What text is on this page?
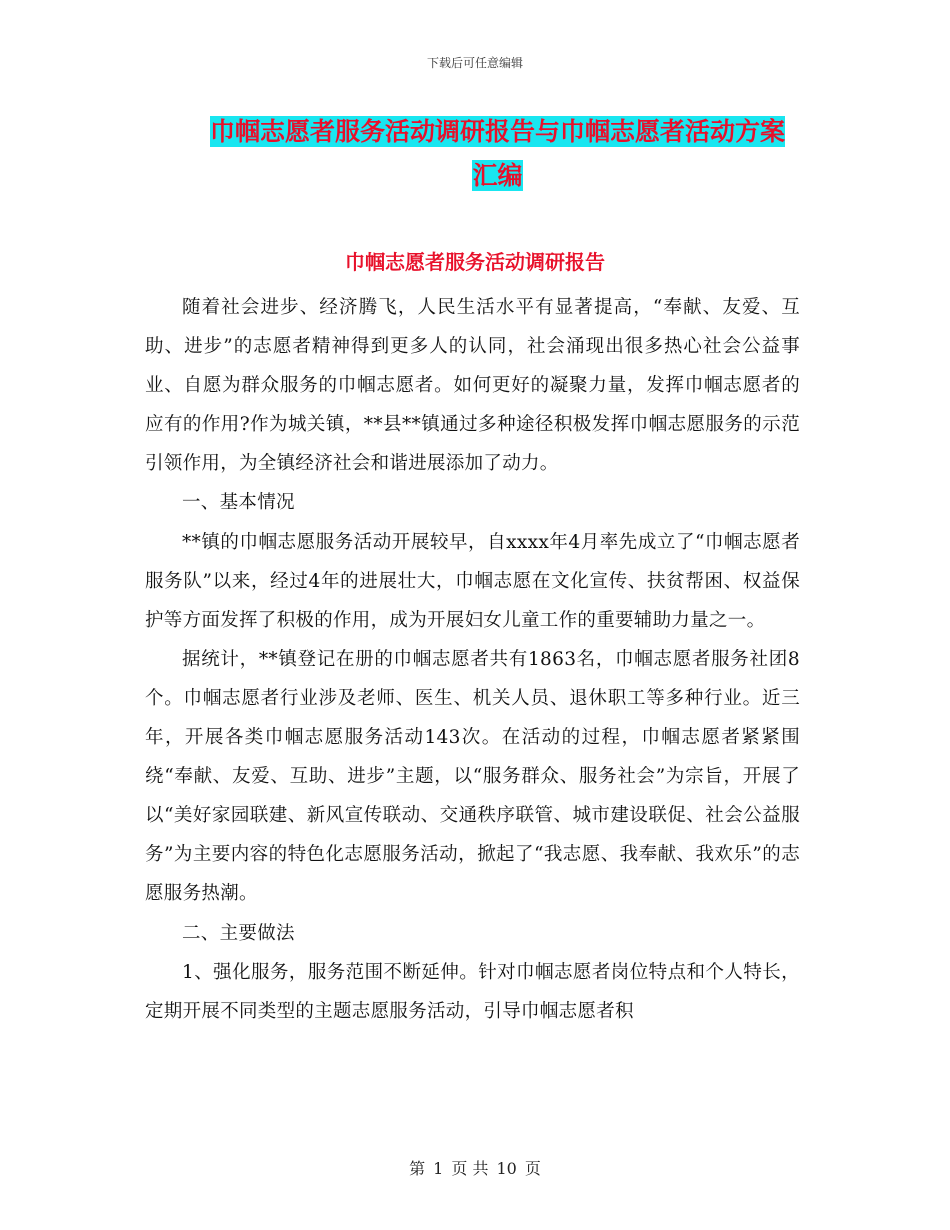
下载后可任意编辑
巾帼志愿者服务活动调研报告与巾帼志愿者活动方案
汇编
巾帼志愿者服务活动调研报告

随着社会进步、经济腾飞，人民生活水平有显著提高，“奉献、友爱、互助、进步”的志愿者精神得到更多人的认同，社会涌现出很多热心社会公益事业、自愿为群众服务的巾帼志愿者。如何更好的凝聚力量，发挥巾帼志愿者的应有的作用?作为城关镇，**县**镇通过多种途径积极发挥巾帼志愿服务的示范引领作用，为全镇经济社会和谐进展添加了动力。

一、基本情况

**镇的巾帼志愿服务活动开展较早，自xxxx年4月率先成立了“巾帼志愿者服务队”以来，经过4年的进展壮大，巾帼志愿在文化宣传、扶贫帮困、权益保护等方面发挥了积极的作用，成为开展妇女儿童工作的重要辅助力量之一。

据统计，**镇登记在册的巾帼志愿者共有1863名，巾帼志愿者服务社团8个。巾帼志愿者行业涉及老师、医生、机关人员、退休职工等多种行业。近三年，开展各类巾帼志愿服务活动143次。在活动的过程，巾帼志愿者紧紧围绕“奉献、友爱、互助、进步”主题，以“服务群众、服务社会”为宗旨，开展了以“美好家园联建、新风宣传联动、交通秩序联管、城市建设联促、社会公益服务”为主要内容的特色化志愿服务活动，掀起了“我志愿、我奉献、我欢乐”的志愿服务热潮。

二、主要做法

1、强化服务，服务范围不断延伸。针对巾帼志愿者岗位特点和个人特长，定期开展不同类型的主题志愿服务活动，引导巾帼志愿者积

第 1 页 共 10 页
